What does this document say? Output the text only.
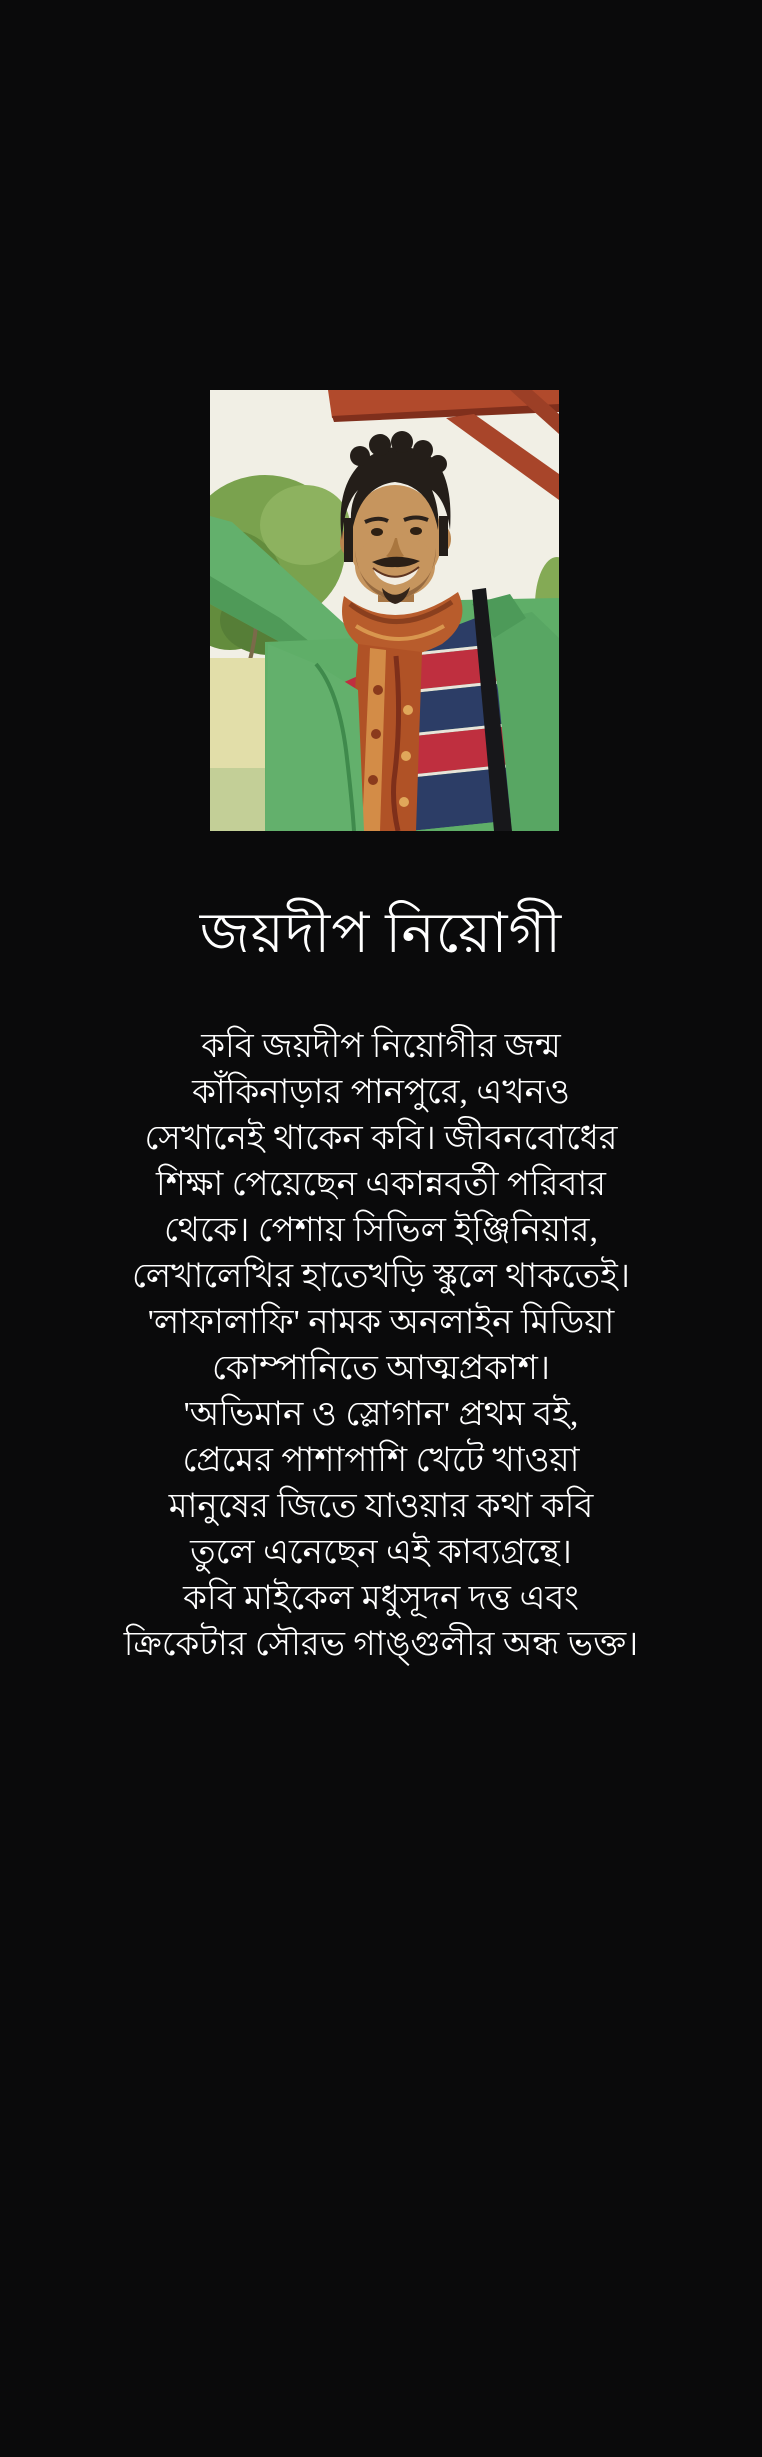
জয়দীপ নিয়োগী
কবি জয়দীপ নিয়োগীর জন্ম
কাঁকিনাড়ার পানপুরে, এখনও
সেখানেই থাকেন কবি। জীবনবোধের
শিক্ষা পেয়েছেন একান্নবর্তী পরিবার
থেকে। পেশায় সিভিল ইঞ্জিনিয়ার,
লেখালেখির হাতেখড়ি স্কুলে থাকতেই।
'লাফালাফি' নামক অনলাইন মিডিয়া
কোম্পানিতে আত্মপ্রকাশ।
'অভিমান ও স্লোগান' প্রথম বই,
প্রেমের পাশাপাশি খেটে খাওয়া
মানুষের জিতে যাওয়ার কথা কবি
তুলে এনেছেন এই কাব্যগ্রন্থে।
কবি মাইকেল মধুসূদন দত্ত এবং
ক্রিকেটার সৌরভ গাঙ্গুলীর অন্ধ ভক্ত।
